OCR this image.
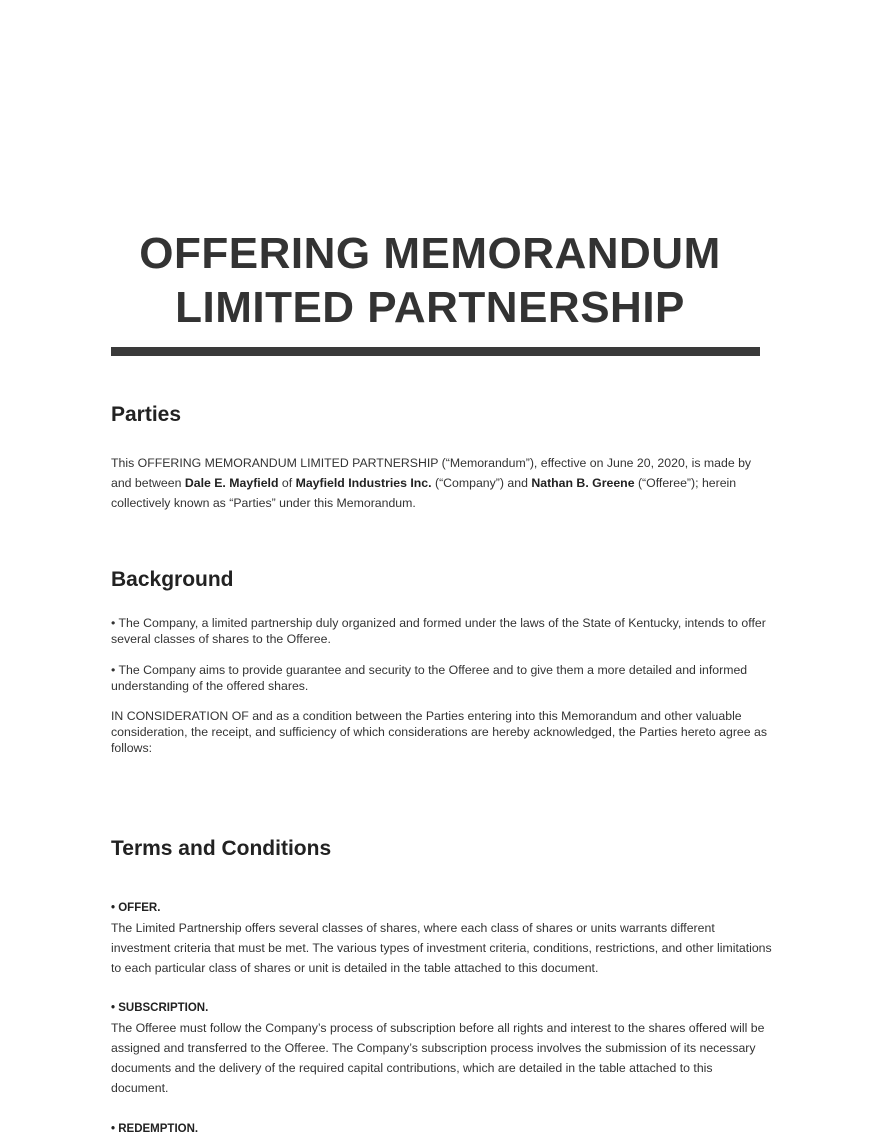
OFFERING MEMORANDUM
LIMITED PARTNERSHIP
Parties

This OFFERING MEMORANDUM LIMITED PARTNERSHIP (“Memorandum”), effective on June 20, 2020, is made by and between Dale E. Mayfield of Mayfield Industries Inc. (“Company”) and Nathan B. Greene (“Offeree”); herein collectively known as “Parties” under this Memorandum.

Background

• The Company, a limited partnership duly organized and formed under the laws of the State of Kentucky, intends to offer several classes of shares to the Offeree.

• The Company aims to provide guarantee and security to the Offeree and to give them a more detailed and informed understanding of the offered shares.

IN CONSIDERATION OF and as a condition between the Parties entering into this Memorandum and other valuable consideration, the receipt, and sufficiency of which considerations are hereby acknowledged, the Parties hereto agree as follows:

Terms and Conditions

• OFFER.

The Limited Partnership offers several classes of shares, where each class of shares or units warrants different investment criteria that must be met. The various types of investment criteria, conditions, restrictions, and other limitations to each particular class of shares or unit is detailed in the table attached to this document.

• SUBSCRIPTION.

The Offeree must follow the Company’s process of subscription before all rights and interest to the shares offered will be assigned and transferred to the Offeree. The Company’s subscription process involves the submission of its necessary documents and the delivery of the required capital contributions, which are detailed in the table attached to this document.

• REDEMPTION.
